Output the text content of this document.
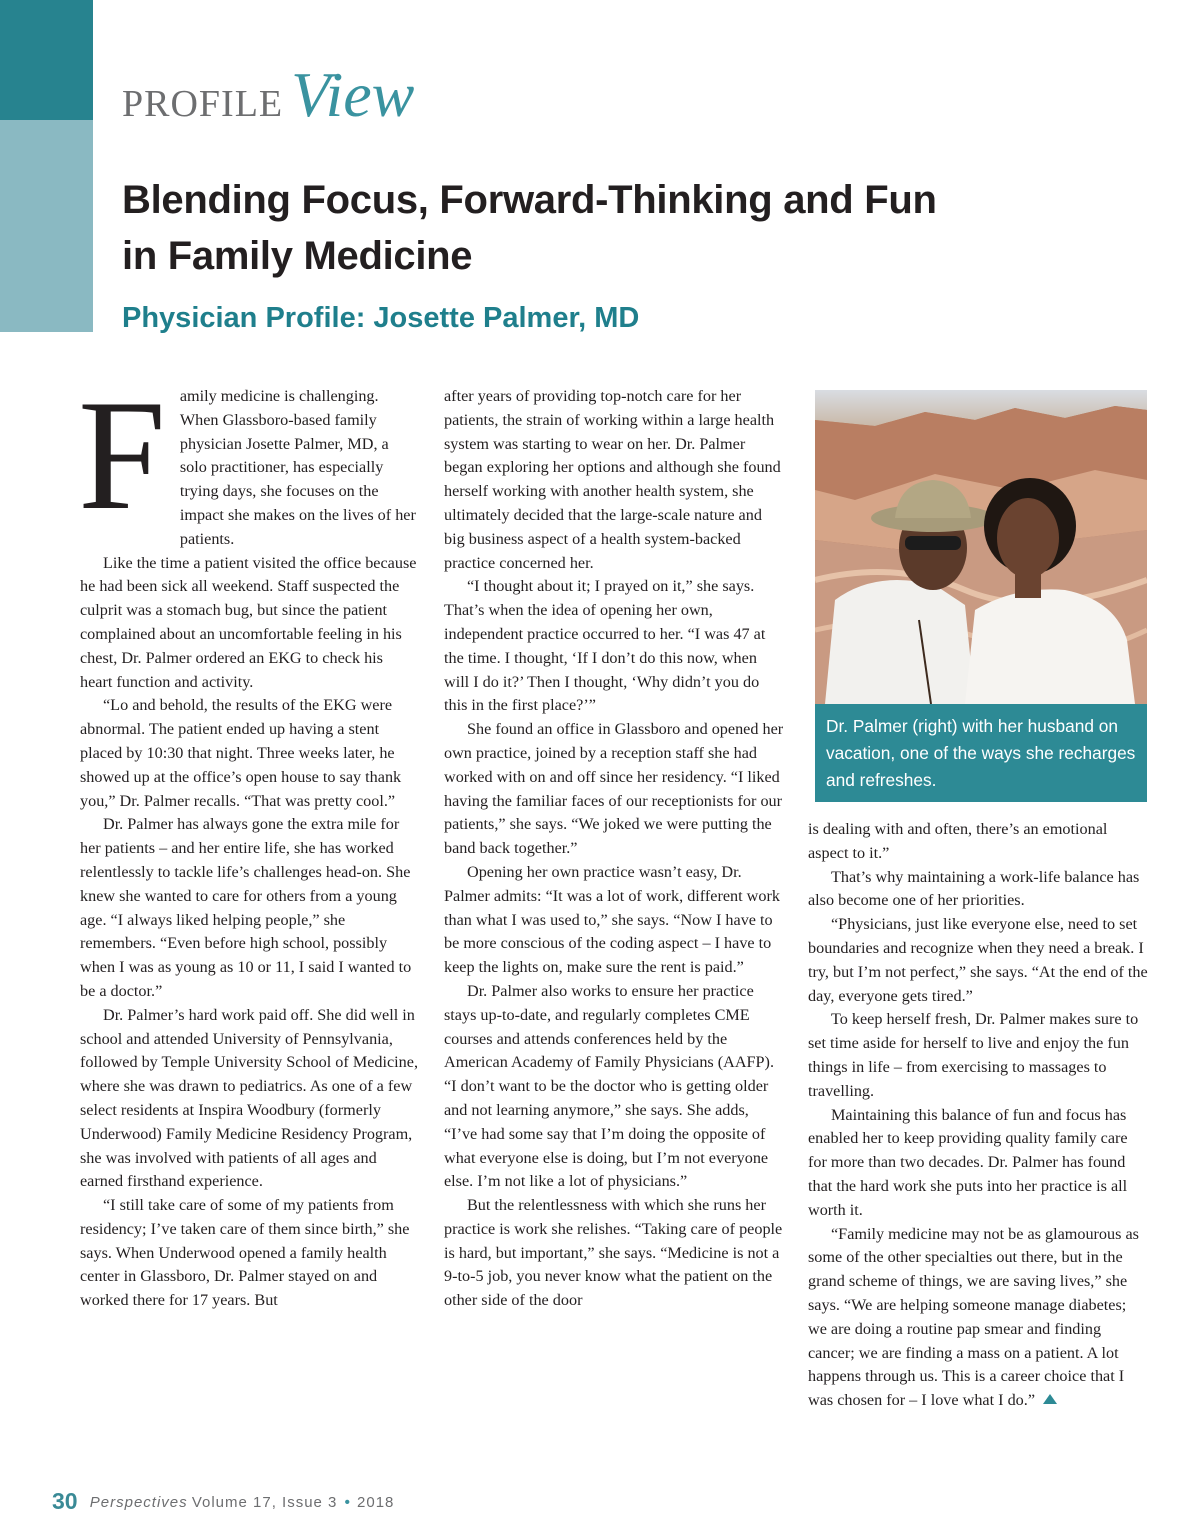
PROFILE View
Blending Focus, Forward-Thinking and Fun in Family Medicine
Physician Profile: Josette Palmer, MD
F amily medicine is challenging. When Glassboro-based family physician Josette Palmer, MD, a solo practitioner, has especially trying days, she focuses on the impact she makes on the lives of her patients.

Like the time a patient visited the office because he had been sick all weekend. Staff suspected the culprit was a stomach bug, but since the patient complained about an uncomfortable feeling in his chest, Dr. Palmer ordered an EKG to check his heart function and activity.

“Lo and behold, the results of the EKG were abnormal. The patient ended up having a stent placed by 10:30 that night. Three weeks later, he showed up at the office’s open house to say thank you,” Dr. Palmer recalls. “That was pretty cool.”

Dr. Palmer has always gone the extra mile for her patients – and her entire life, she has worked relentlessly to tackle life’s challenges head-on. She knew she wanted to care for others from a young age. “I always liked helping people,” she remembers. “Even before high school, possibly when I was as young as 10 or 11, I said I wanted to be a doctor.”

Dr. Palmer’s hard work paid off. She did well in school and attended University of Pennsylvania, followed by Temple University School of Medicine, where she was drawn to pediatrics. As one of a few select residents at Inspira Woodbury (formerly Underwood) Family Medicine Residency Program, she was involved with patients of all ages and earned firsthand experience.

“I still take care of some of my patients from residency; I’ve taken care of them since birth,” she says. When Underwood opened a family health center in Glassboro, Dr. Palmer stayed on and worked there for 17 years. But

after years of providing top-notch care for her patients, the strain of working within a large health system was starting to wear on her. Dr. Palmer began exploring her options and although she found herself working with another health system, she ultimately decided that the large-scale nature and big business aspect of a health system-backed practice concerned her.

“I thought about it; I prayed on it,” she says. That’s when the idea of opening her own, independent practice occurred to her. “I was 47 at the time. I thought, ‘If I don’t do this now, when will I do it?’ Then I thought, ‘Why didn’t you do this in the first place?’”

She found an office in Glassboro and opened her own practice, joined by a reception staff she had worked with on and off since her residency. “I liked having the familiar faces of our receptionists for our patients,” she says. “We joked we were putting the band back together.”

Opening her own practice wasn’t easy, Dr. Palmer admits: “It was a lot of work, different work than what I was used to,” she says. “Now I have to be more conscious of the coding aspect – I have to keep the lights on, make sure the rent is paid.”

Dr. Palmer also works to ensure her practice stays up-to-date, and regularly completes CME courses and attends conferences held by the American Academy of Family Physicians (AAFP). “I don’t want to be the doctor who is getting older and not learning anymore,” she says. She adds, “I’ve had some say that I’m doing the opposite of what everyone else is doing, but I’m not everyone else. I’m not like a lot of physicians.”

But the relentlessness with which she runs her practice is work she relishes. “Taking care of people is hard, but important,” she says. “Medicine is not a 9-to-5 job, you never know what the patient on the other side of the door

Dr. Palmer (right) with her husband on vacation, one of the ways she recharges and refreshes.

is dealing with and often, there’s an emotional aspect to it.”

That’s why maintaining a work-life balance has also become one of her priorities.

“Physicians, just like everyone else, need to set boundaries and recognize when they need a break. I try, but I’m not perfect,” she says. “At the end of the day, everyone gets tired.”

To keep herself fresh, Dr. Palmer makes sure to set time aside for herself to live and enjoy the fun things in life – from exercising to massages to travelling.

Maintaining this balance of fun and focus has enabled her to keep providing quality family care for more than two decades. Dr. Palmer has found that the hard work she puts into her practice is all worth it.

“Family medicine may not be as glamourous as some of the other specialties out there, but in the grand scheme of things, we are saving lives,” she says. “We are helping someone manage diabetes; we are doing a routine pap smear and finding cancer; we are finding a mass on a patient. A lot happens through us. This is a career choice that I was chosen for – I love what I do.”

30 Perspectives Volume 17, Issue 3 • 2018
